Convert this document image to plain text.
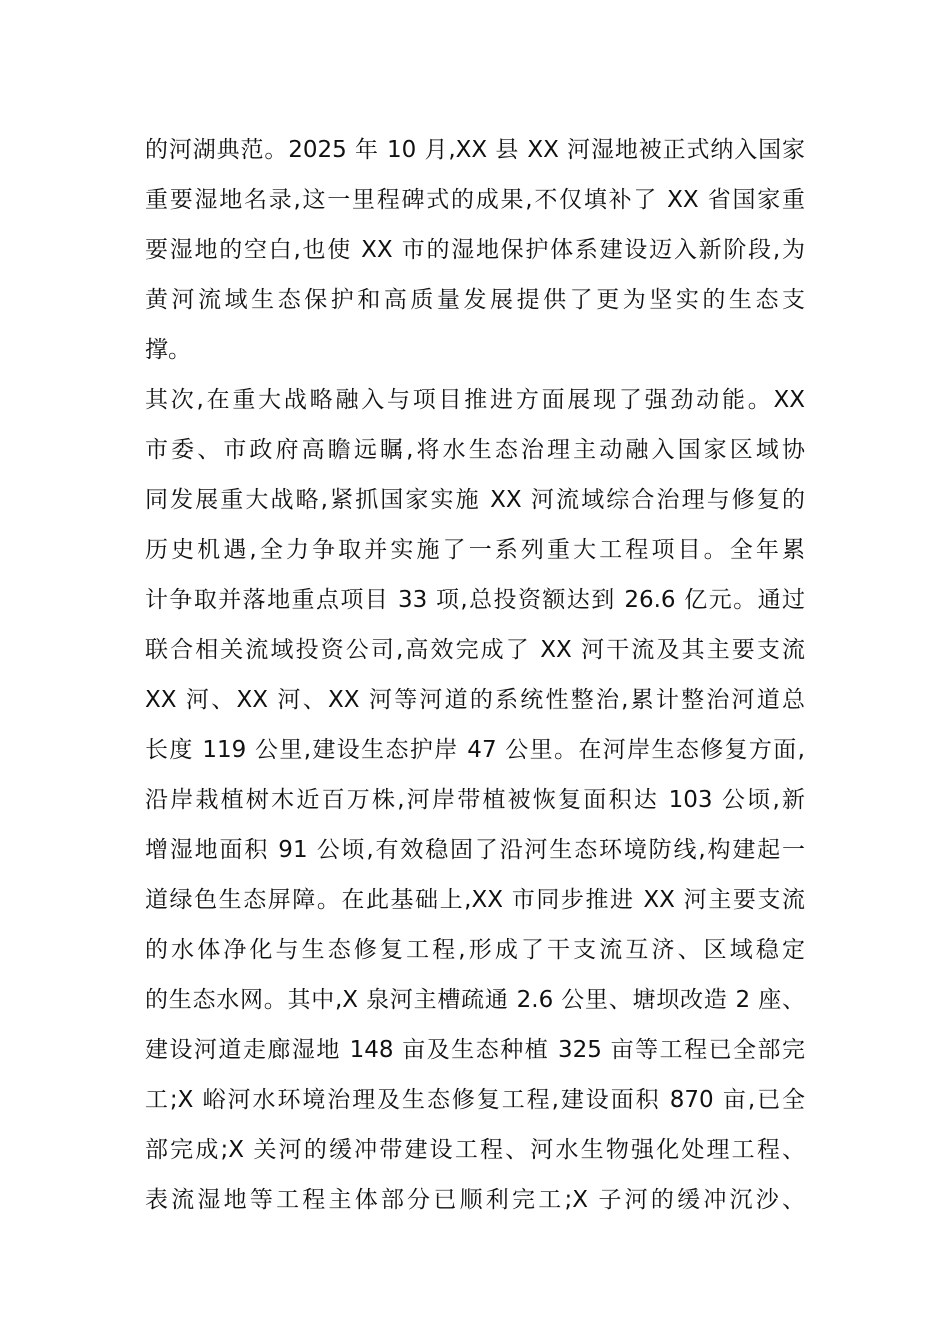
的河湖典范。2025 年 10 月,XX 县 XX 河湿地被正式纳入国家
重要湿地名录,这一里程碑式的成果,不仅填补了 XX 省国家重
要湿地的空白,也使 XX 市的湿地保护体系建设迈入新阶段,为
黄河流域生态保护和高质量发展提供了更为坚实的生态支
撑。
其次,在重大战略融入与项目推进方面展现了强劲动能。XX
市委、市政府高瞻远瞩,将水生态治理主动融入国家区域协
同发展重大战略,紧抓国家实施 XX 河流域综合治理与修复的
历史机遇,全力争取并实施了一系列重大工程项目。全年累
计争取并落地重点项目 33 项,总投资额达到 26.6 亿元。通过
联合相关流域投资公司,高效完成了 XX 河干流及其主要支流
XX 河、XX 河、XX 河等河道的系统性整治,累计整治河道总
长度 119 公里,建设生态护岸 47 公里。在河岸生态修复方面,
沿岸栽植树木近百万株,河岸带植被恢复面积达 103 公顷,新
增湿地面积 91 公顷,有效稳固了沿河生态环境防线,构建起一
道绿色生态屏障。在此基础上,XX 市同步推进 XX 河主要支流
的水体净化与生态修复工程,形成了干支流互济、区域稳定
的生态水网。其中,X 泉河主槽疏通 2.6 公里、塘坝改造 2 座、
建设河道走廊湿地 148 亩及生态种植 325 亩等工程已全部完
工;X 峪河水环境治理及生态修复工程,建设面积 870 亩,已全
部完成;X 关河的缓冲带建设工程、河水生物强化处理工程、
表流湿地等工程主体部分已顺利完工;X 子河的缓冲沉沙、
